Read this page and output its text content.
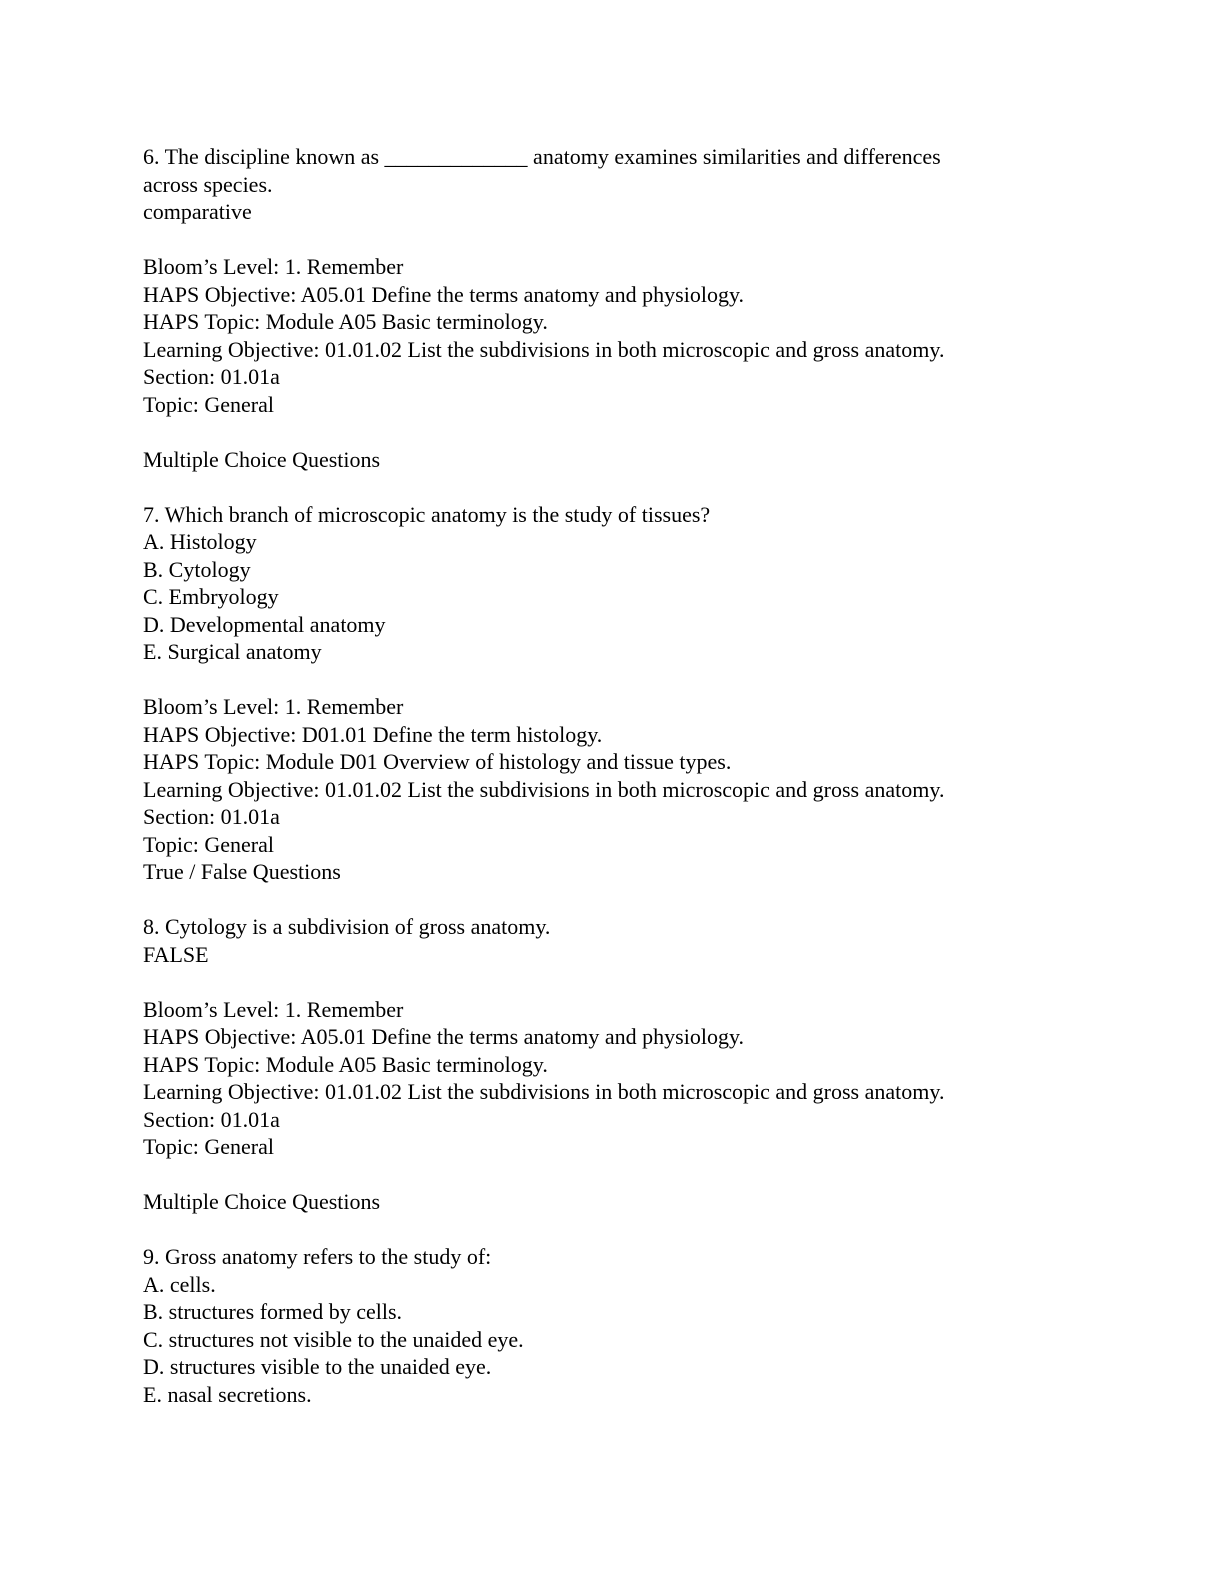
6. The discipline known as _____________ anatomy examines similarities and differences
across species.
comparative
Bloom’s Level: 1. Remember
HAPS Objective: A05.01 Define the terms anatomy and physiology.
HAPS Topic: Module A05 Basic terminology.
Learning Objective: 01.01.02 List the subdivisions in both microscopic and gross anatomy.
Section: 01.01a
Topic: General
Multiple Choice Questions
7. Which branch of microscopic anatomy is the study of tissues?
A. Histology
B. Cytology
C. Embryology
D. Developmental anatomy
E. Surgical anatomy
Bloom’s Level: 1. Remember
HAPS Objective: D01.01 Define the term histology.
HAPS Topic: Module D01 Overview of histology and tissue types.
Learning Objective: 01.01.02 List the subdivisions in both microscopic and gross anatomy.
Section: 01.01a
Topic: General
True / False Questions
8. Cytology is a subdivision of gross anatomy.
FALSE
Bloom’s Level: 1. Remember
HAPS Objective: A05.01 Define the terms anatomy and physiology.
HAPS Topic: Module A05 Basic terminology.
Learning Objective: 01.01.02 List the subdivisions in both microscopic and gross anatomy.
Section: 01.01a
Topic: General
Multiple Choice Questions
9. Gross anatomy refers to the study of:
A. cells.
B. structures formed by cells.
C. structures not visible to the unaided eye.
D. structures visible to the unaided eye.
E. nasal secretions.
